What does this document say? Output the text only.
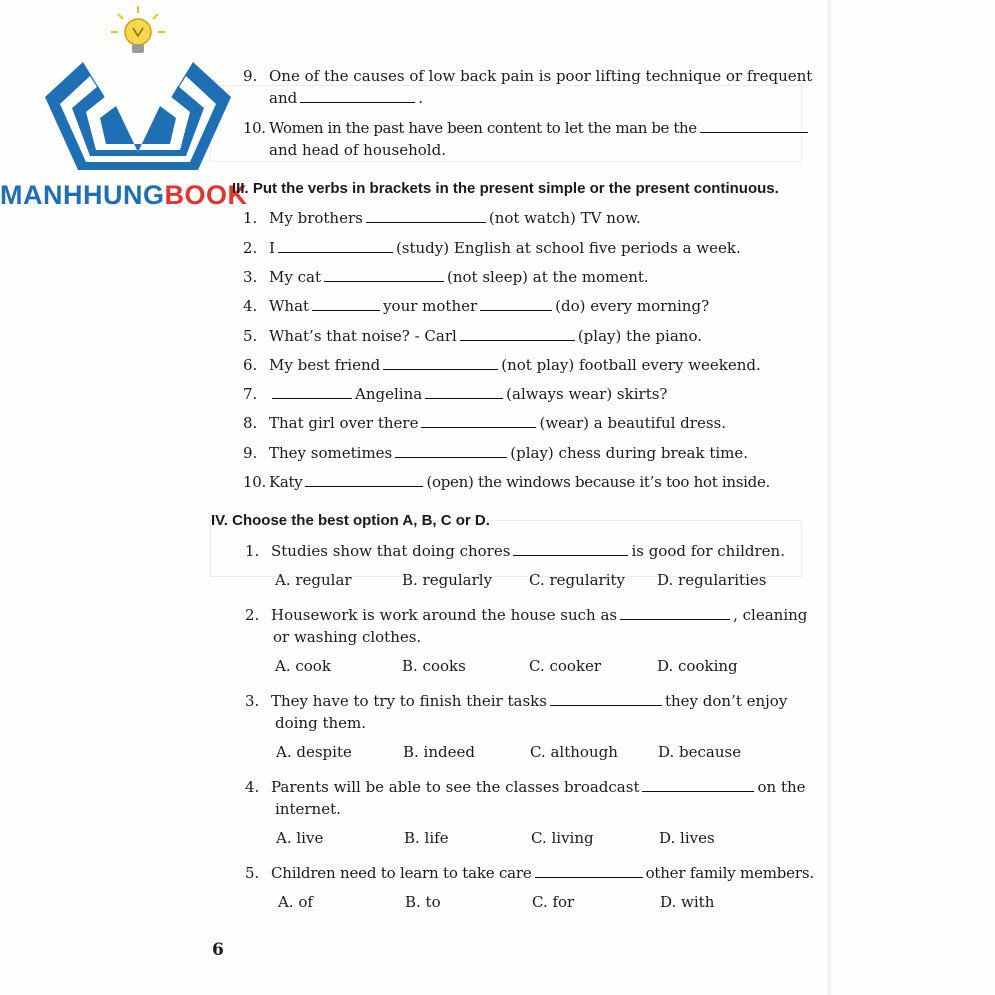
MANHHUNGBOOK
9. One of the causes of low back pain is poor lifting technique or frequent
and	.
10. Women in the past have been content to let the man be the
and head of household.
III. Put the verbs in brackets in the present simple or the present continuous.
1. My brothers	(not watch) TV now.
2. I	(study) English at school five periods a week.
3. My cat	(not sleep) at the moment.
4. What	your mother	(do) every morning?
5. What’s that noise? - Carl	(play) the piano.
6. My best friend	(not play) football every weekend.
7.	Angelina	(always wear) skirts?
8. That girl over there	(wear) a beautiful dress.
9. They sometimes	(play) chess during break time.
10. Katy	(open) the windows because it’s too hot inside.
IV. Choose the best option A, B, C or D.
1. Studies show that doing chores	is good for children.
A. regular	B. regularly C. regularity D. regularities
2. Housework is work around the house such as	, cleaning
or washing clothes.
A. cook	B. cooks	C. cooker	D. cooking
3. They have to try to finish their tasks	they don’t enjoy
doing them.
A. despite	B. indeed	C. although	D. because
4. Parents will be able to see the classes broadcast	on the
internet.
A. live	B. life	C. living	D. lives
5. Children need to learn to take care	other family members.
A. of	B. to	C. for	D. with
6
